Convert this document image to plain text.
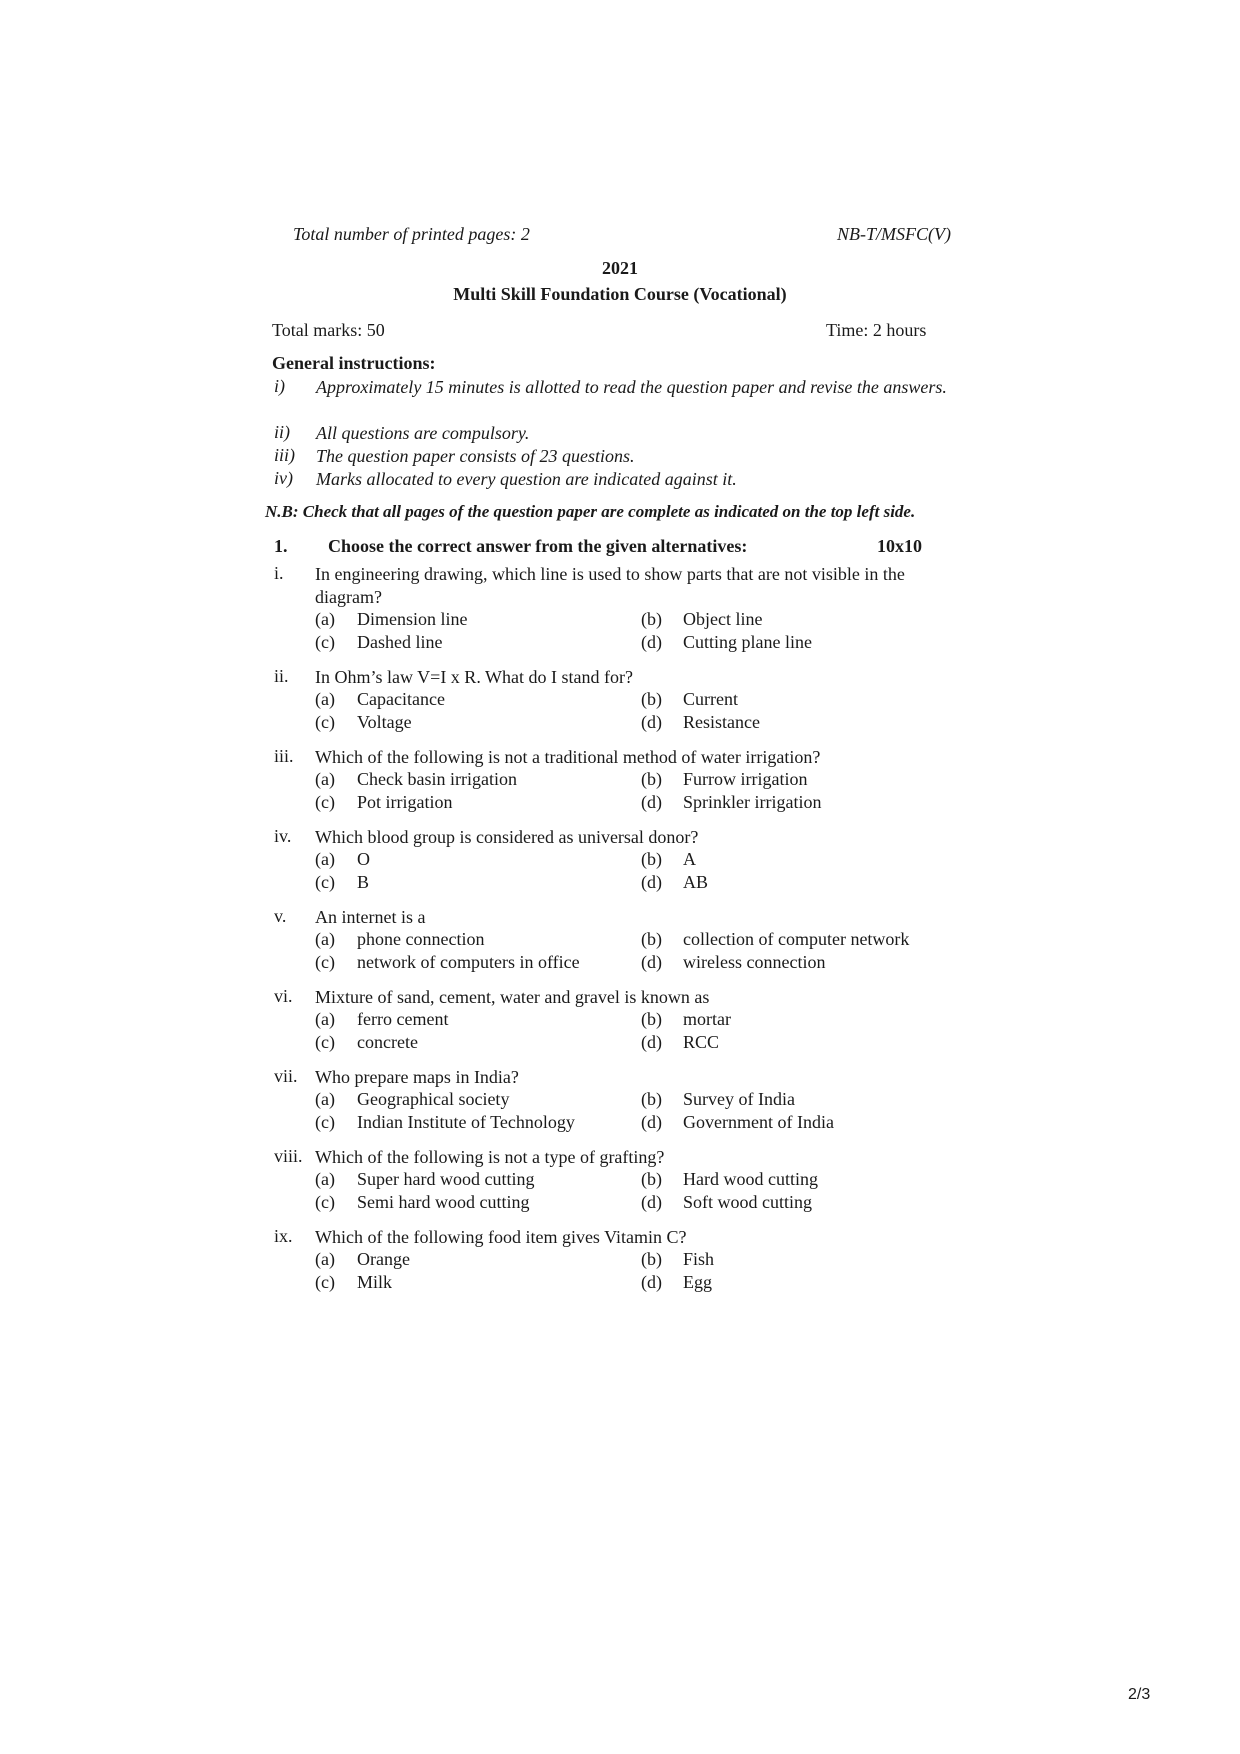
Total number of printed pages: 2	NB-T/MSFC(V)
2021
Multi Skill Foundation Course (Vocational)
Total marks: 50	Time: 2 hours
General instructions:
i) Approximately 15 minutes is allotted to read the question paper and revise the answers.
ii) All questions are compulsory.
iii) The question paper consists of 23 questions.
iv) Marks allocated to every question are indicated against it.
N.B: Check that all pages of the question paper are complete as indicated on the top left side.
1. Choose the correct answer from the given alternatives:	10x10
i. In engineering drawing, which line is used to show parts that are not visible in the diagram?
(a) Dimension line	(b) Object line
(c) Dashed line	(d) Cutting plane line
ii. In Ohm’s law V=I x R. What do I stand for?
(a) Capacitance	(b) Current
(c) Voltage	(d) Resistance
iii. Which of the following is not a traditional method of water irrigation?
(a) Check basin irrigation	(b) Furrow irrigation
(c) Pot irrigation	(d) Sprinkler irrigation
iv. Which blood group is considered as universal donor?
(a) O	(b) A
(c) B	(d) AB
v. An internet is a
(a) phone connection	(b) collection of computer network
(c) network of computers in office	(d) wireless connection
vi. Mixture of sand, cement, water and gravel is known as
(a) ferro cement	(b) mortar
(c) concrete	(d) RCC
vii. Who prepare maps in India?
(a) Geographical society	(b) Survey of India
(c) Indian Institute of Technology	(d) Government of India
viii. Which of the following is not a type of grafting?
(a) Super hard wood cutting	(b) Hard wood cutting
(c) Semi hard wood cutting	(d) Soft wood cutting
ix. Which of the following food item gives Vitamin C?
(a) Orange	(b) Fish
(c) Milk	(d) Egg
2/3
